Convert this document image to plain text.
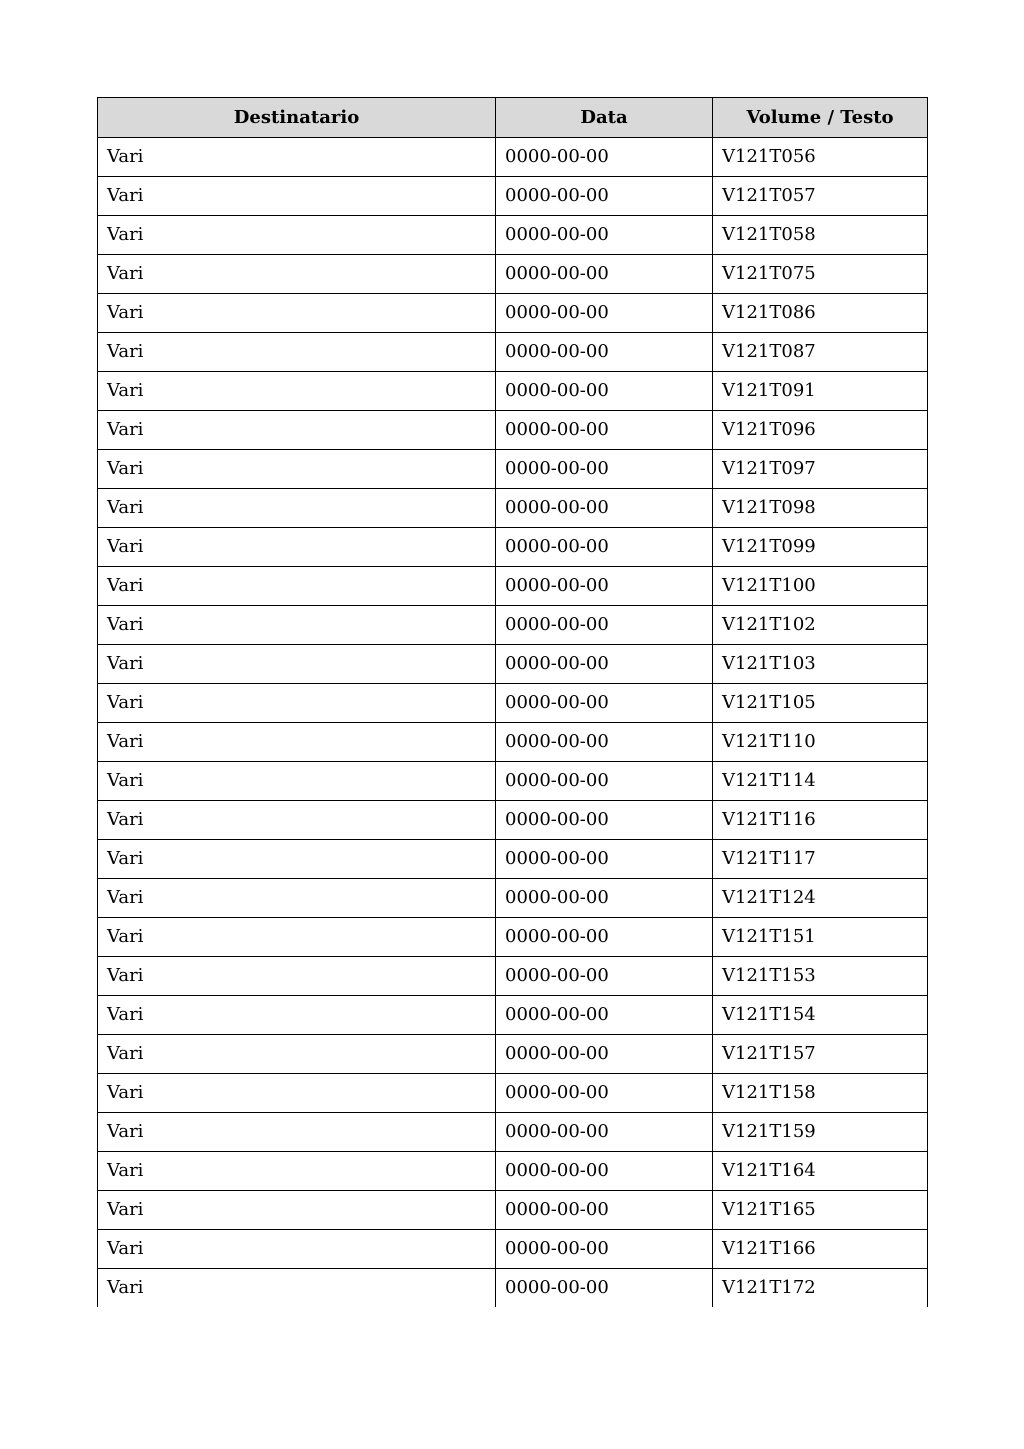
Destinatario	Data	Volume / Testo
Vari	0000-00-00	V121T056
Vari	0000-00-00	V121T057
Vari	0000-00-00	V121T058
Vari	0000-00-00	V121T075
Vari	0000-00-00	V121T086
Vari	0000-00-00	V121T087
Vari	0000-00-00	V121T091
Vari	0000-00-00	V121T096
Vari	0000-00-00	V121T097
Vari	0000-00-00	V121T098
Vari	0000-00-00	V121T099
Vari	0000-00-00	V121T100
Vari	0000-00-00	V121T102
Vari	0000-00-00	V121T103
Vari	0000-00-00	V121T105
Vari	0000-00-00	V121T110
Vari	0000-00-00	V121T114
Vari	0000-00-00	V121T116
Vari	0000-00-00	V121T117
Vari	0000-00-00	V121T124
Vari	0000-00-00	V121T151
Vari	0000-00-00	V121T153
Vari	0000-00-00	V121T154
Vari	0000-00-00	V121T157
Vari	0000-00-00	V121T158
Vari	0000-00-00	V121T159
Vari	0000-00-00	V121T164
Vari	0000-00-00	V121T165
Vari	0000-00-00	V121T166
Vari	0000-00-00	V121T172
